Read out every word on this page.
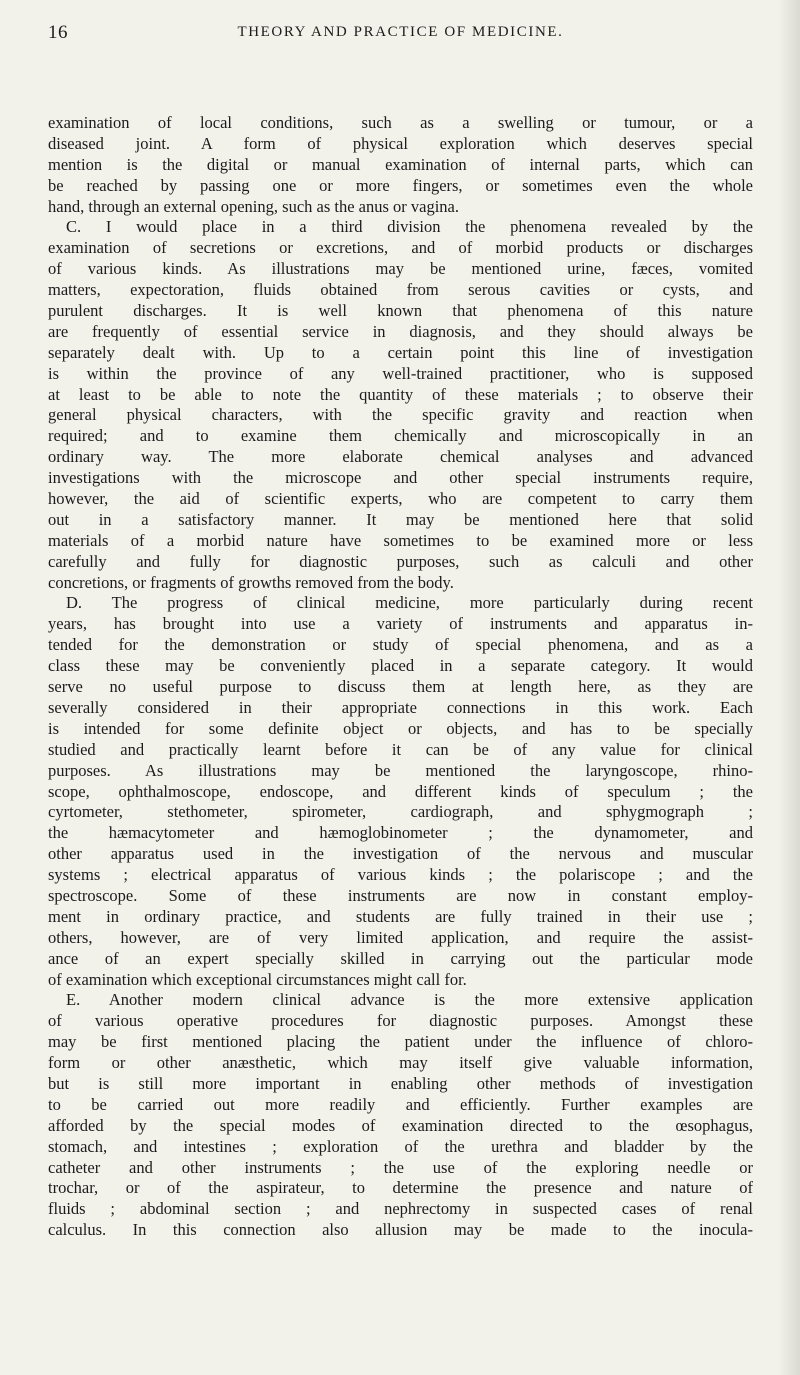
16	THEORY AND PRACTICE OF MEDICINE.
examination of local conditions, such as a swelling or tumour, or a
diseased joint. A form of physical exploration which deserves special
mention is the digital or manual examination of internal parts, which can
be reached by passing one or more fingers, or sometimes even the whole
hand, through an external opening, such as the anus or vagina.
C. I would place in a third division the phenomena revealed by the
examination of secretions or excretions, and of morbid products or discharges
of various kinds. As illustrations may be mentioned urine, fæces, vomited
matters, expectoration, fluids obtained from serous cavities or cysts, and
purulent discharges. It is well known that phenomena of this nature
are frequently of essential service in diagnosis, and they should always be
separately dealt with. Up to a certain point this line of investigation
is within the province of any well-trained practitioner, who is supposed
at least to be able to note the quantity of these materials ; to observe their
general physical characters, with the specific gravity and reaction when
required; and to examine them chemically and microscopically in an
ordinary way. The more elaborate chemical analyses and advanced
investigations with the microscope and other special instruments require,
however, the aid of scientific experts, who are competent to carry them
out in a satisfactory manner. It may be mentioned here that solid
materials of a morbid nature have sometimes to be examined more or less
carefully and fully for diagnostic purposes, such as calculi and other
concretions, or fragments of growths removed from the body.
D. The progress of clinical medicine, more particularly during recent
years, has brought into use a variety of instruments and apparatus in-
tended for the demonstration or study of special phenomena, and as a
class these may be conveniently placed in a separate category. It would
serve no useful purpose to discuss them at length here, as they are
severally considered in their appropriate connections in this work. Each
is intended for some definite object or objects, and has to be specially
studied and practically learnt before it can be of any value for clinical
purposes. As illustrations may be mentioned the laryngoscope, rhino-
scope, ophthalmoscope, endoscope, and different kinds of speculum ; the
cyrtometer, stethometer, spirometer, cardiograph, and sphygmograph ;
the hæmacytometer and hæmoglobinometer ; the dynamometer, and
other apparatus used in the investigation of the nervous and muscular
systems ; electrical apparatus of various kinds ; the polariscope ; and the
spectroscope. Some of these instruments are now in constant employ-
ment in ordinary practice, and students are fully trained in their use ;
others, however, are of very limited application, and require the assist-
ance of an expert specially skilled in carrying out the particular mode
of examination which exceptional circumstances might call for.
E. Another modern clinical advance is the more extensive application
of various operative procedures for diagnostic purposes. Amongst these
may be first mentioned placing the patient under the influence of chloro-
form or other anæsthetic, which may itself give valuable information,
but is still more important in enabling other methods of investigation
to be carried out more readily and efficiently. Further examples are
afforded by the special modes of examination directed to the œsophagus,
stomach, and intestines ; exploration of the urethra and bladder by the
catheter and other instruments ; the use of the exploring needle or
trochar, or of the aspirateur, to determine the presence and nature of
fluids ; abdominal section ; and nephrectomy in suspected cases of renal
calculus. In this connection also allusion may be made to the inocula-
